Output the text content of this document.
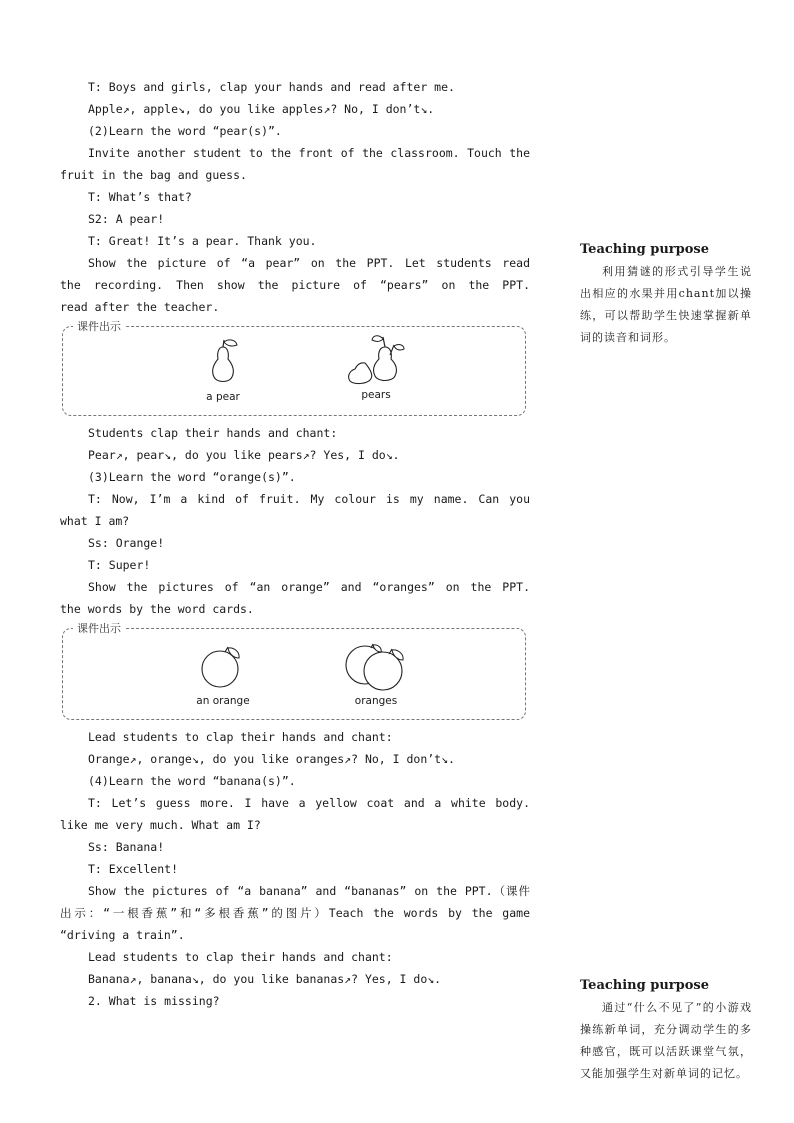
T: Boys and girls, clap your hands and read after me.
Apple↗, apple↘, do you like apples↗? No, I don’t↘.
(2)Learn the word “pear(s)”.
Invite another student to the front of the classroom. Touch the
fruit in the bag and guess.
T: What’s that?
S2: A pear!
T: Great! It’s a pear. Thank you.
Show the picture of “a pear” on the PPT. Let students read
the recording. Then show the picture of “pears” on the PPT.
read after the teacher.
课件出示
a pear	pears
Students clap their hands and chant:
Pear↗, pear↘, do you like pears↗? Yes, I do↘.
(3)Learn the word “orange(s)”.
T: Now, I’m a kind of fruit. My colour is my name. Can you
what I am?
Ss: Orange!
T: Super!
Show the pictures of “an orange” and “oranges” on the PPT.
the words by the word cards.
课件出示
an orange	oranges
Lead students to clap their hands and chant:
Orange↗, orange↘, do you like oranges↗? No, I don’t↘.
(4)Learn the word “banana(s)”.
T: Let’s guess more. I have a yellow coat and a white body.
like me very much. What am I?
Ss: Banana!
T: Excellent!
Show the pictures of “a banana” and “bananas” on the PPT.（课件
出示：“一根香蕉”和“多根香蕉”的图片）Teach the words by the game
“driving a train”.
Lead students to clap their hands and chant:
Banana↗, banana↘, do you like bananas↗? Yes, I do↘.
2. What is missing?
Teaching purpose

利用猜谜的形式引导学生说出相应的水果并用chant加以操练，可以帮助学生快速掌握新单词的读音和词形。

Teaching purpose

通过“什么不见了”的小游戏操练新单词，充分调动学生的多种感官，既可以活跃课堂气氛，又能加强学生对新单词的记忆。
